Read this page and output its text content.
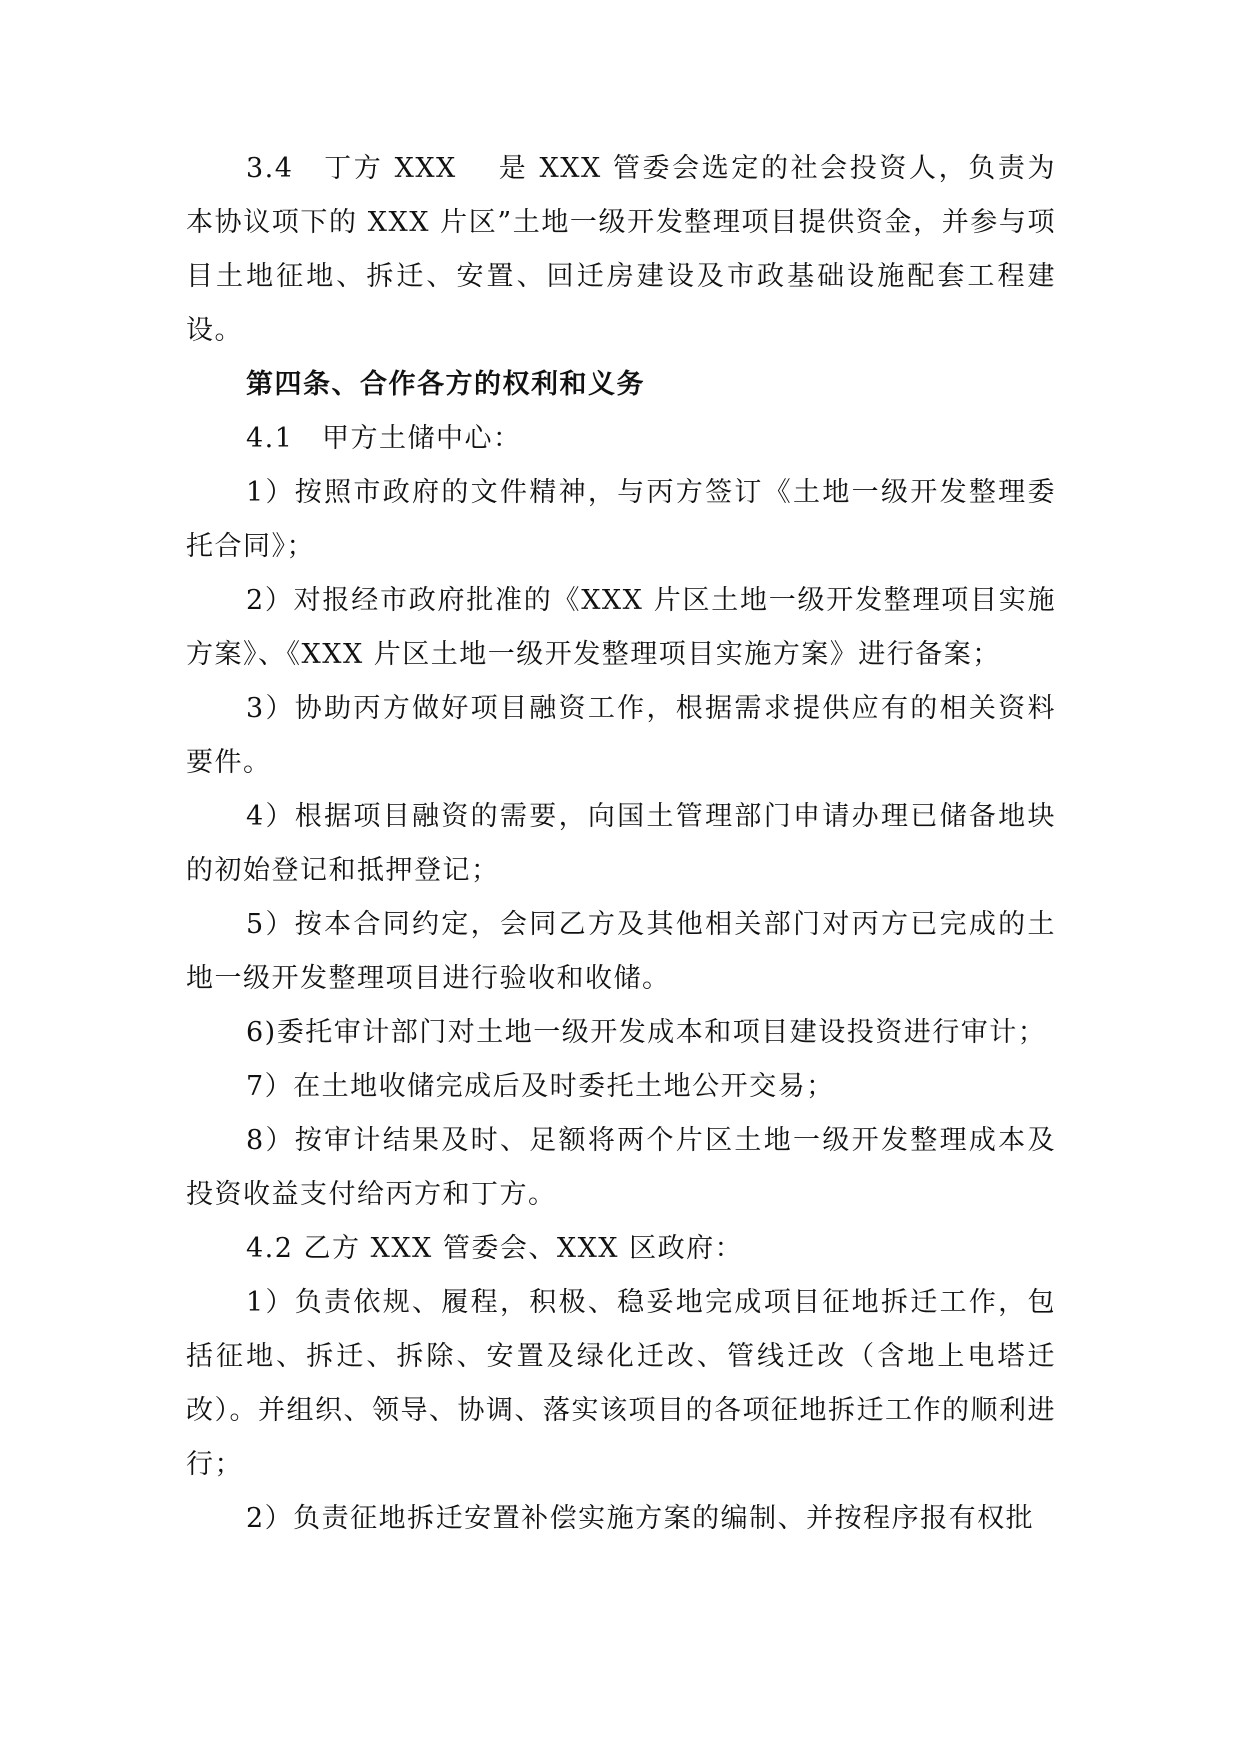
3.4　丁方 XXX　 是 XXX 管委会选定的社会投资人，负责为本协议项下的 XXX 片区”土地一级开发整理项目提供资金，并参与项目土地征地、拆迁、安置、回迁房建设及市政基础设施配套工程建设。

第四条、合作各方的权利和义务

4.1　甲方土储中心：

1）按照市政府的文件精神，与丙方签订《土地一级开发整理委托合同》；

2）对报经市政府批准的《XXX 片区土地一级开发整理项目实施方案》、《XXX 片区土地一级开发整理项目实施方案》进行备案；

3）协助丙方做好项目融资工作，根据需求提供应有的相关资料要件。

4）根据项目融资的需要，向国土管理部门申请办理已储备地块的初始登记和抵押登记；

5）按本合同约定，会同乙方及其他相关部门对丙方已完成的土地一级开发整理项目进行验收和收储。

6)委托审计部门对土地一级开发成本和项目建设投资进行审计；

7）在土地收储完成后及时委托土地公开交易；

8）按审计结果及时、足额将两个片区土地一级开发整理成本及投资收益支付给丙方和丁方。

4.2 乙方 XXX 管委会、XXX 区政府：

1）负责依规、履程，积极、稳妥地完成项目征地拆迁工作，包括征地、拆迁、拆除、安置及绿化迁改、管线迁改（含地上电塔迁改）。并组织、领导、协调、落实该项目的各项征地拆迁工作的顺利进行；

2）负责征地拆迁安置补偿实施方案的编制、并按程序报有权批
